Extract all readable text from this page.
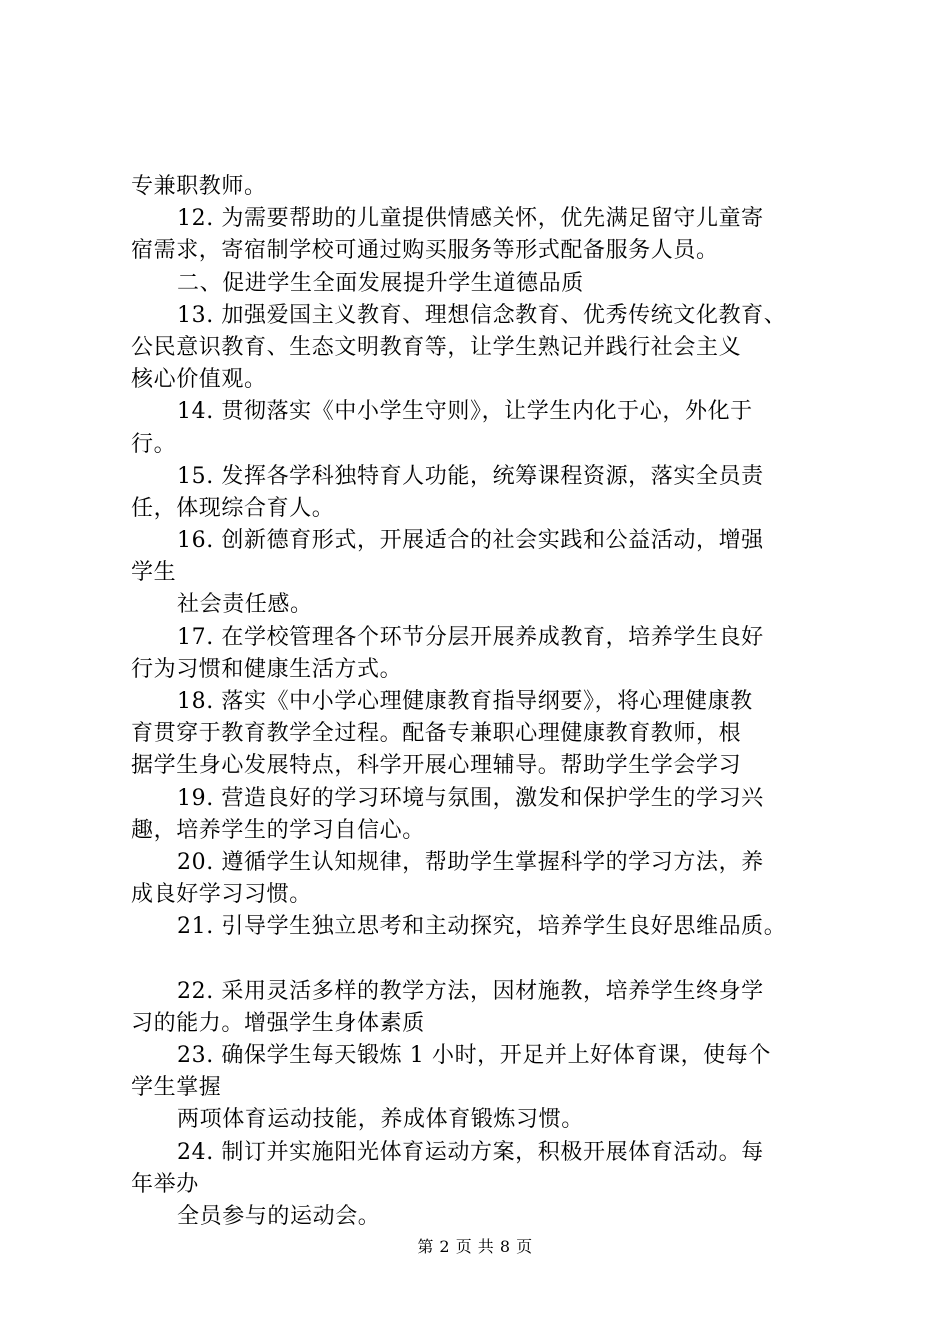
专兼职教师。
12. 为需要帮助的儿童提供情感关怀，优先满足留守儿童寄
宿需求，寄宿制学校可通过购买服务等形式配备服务人员。
二、促进学生全面发展提升学生道德品质
13. 加强爱国主义教育、理想信念教育、优秀传统文化教育、
公民意识教育、生态文明教育等，让学生熟记并践行社会主义
核心价值观。
14. 贯彻落实《中小学生守则》，让学生内化于心，外化于
行。
15. 发挥各学科独特育人功能，统筹课程资源，落实全员责
任，体现综合育人。
16. 创新德育形式，开展适合的社会实践和公益活动，增强
学生
社会责任感。
17. 在学校管理各个环节分层开展养成教育，培养学生良好
行为习惯和健康生活方式。
18. 落实《中小学心理健康教育指导纲要》，将心理健康教
育贯穿于教育教学全过程。配备专兼职心理健康教育教师，根
据学生身心发展特点，科学开展心理辅导。帮助学生学会学习
19. 营造良好的学习环境与氛围，激发和保护学生的学习兴
趣，培养学生的学习自信心。
20. 遵循学生认知规律，帮助学生掌握科学的学习方法，养
成良好学习习惯。
21. 引导学生独立思考和主动探究，培养学生良好思维品质。
22. 采用灵活多样的教学方法，因材施教，培养学生终身学
习的能力。增强学生身体素质
23. 确保学生每天锻炼 1 小时，开足并上好体育课，使每个
学生掌握
两项体育运动技能，养成体育锻炼习惯。
24. 制订并实施阳光体育运动方案，积极开展体育活动。每
年举办
全员参与的运动会。
第 2 页 共 8 页
